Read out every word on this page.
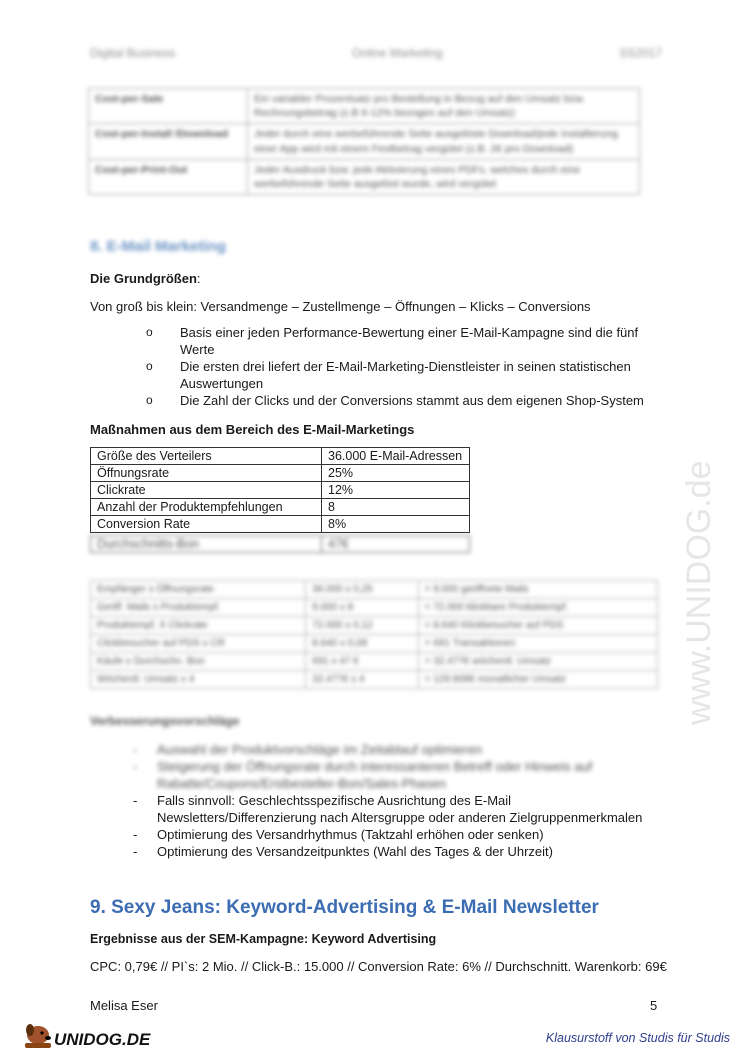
Digital Business	Online Marketing	SS2017
Cost-per-Sale	Ein variabler Prozentsatz pro Bestellung in Bezug auf den Umsatz bzw. Rechnungsbetrag (z.B 6-12% bezogen auf den Umsatz)
Cost-per-Install /Download	Jeder durch eine werbeführende Seite ausgelöste Download/jede Installierung einer App wird mit einem Festbetrag vergütet (z.B. 2€ pro Download)
Cost-per-Print-Out	Jeder Ausdruck bzw. jede Aktivierung eines PDFs, welches durch eine werbeführende Seite ausgelöst wurde, wird vergütet
8. E-Mail Marketing
Die Grundgrößen:
Von groß bis klein: Versandmenge – Zustellmenge – Öffnungen – Klicks – Conversions
o Basis einer jeden Performance-Bewertung einer E-Mail-Kampagne sind die fünf Werte
o Die ersten drei liefert der E-Mail-Marketing-Dienstleister in seinen statistischen Auswertungen
o Die Zahl der Clicks und der Conversions stammt aus dem eigenen Shop-System
Maßnahmen aus dem Bereich des E-Mail-Marketings
Größe des Verteilers	36.000 E-Mail-Adressen
Öffnungsrate	25%
Clickrate	12%
Anzahl der Produktempfehlungen	8
Conversion Rate	8%
Durchschnitts-Bon	47€
Empfänger x Öffnungsrate	36.000 x 0,25	= 9.000 geöffnete Mails
Geöff. Mails x Produktempf.	9.000 x 8	= 72.000 klickbare Produktempf.
Produktempf. X Clickrate	72.000 x 0,12	= 8.640 Klickbesucher auf PDS
Clickbesucher auf PDS x CR	8.640 x 0,08	= 691 Transaktionen
Käufe x Durchschn. Bon	691 x 47 €	= 32.477€ wöchentl. Umsatz
Wöchentl. Umsatz x 4	32.477€ x 4	= 129.908€ monatlicher Umsatz
Verbesserungsvorschläge
- Auswahl der Produktvorschläge im Zeitablauf optimieren
- Steigerung der Öffnungsrate durch interessanteren Betreff oder Hinweis auf Rabatte/Coupons/Erstbesteller-Bon/Sales-Phasen
- Falls sinnvoll: Geschlechtsspezifische Ausrichtung des E-Mail Newsletters/Differenzierung nach Altersgruppe oder anderen Zielgruppenmerkmalen
- Optimierung des Versandrhythmus (Taktzahl erhöhen oder senken)
- Optimierung des Versandzeitpunktes (Wahl des Tages & der Uhrzeit)
9. Sexy Jeans: Keyword-Advertising & E-Mail Newsletter
Ergebnisse aus der SEM-Kampagne: Keyword Advertising
CPC: 0,79€ // PI`s: 2 Mio. // Click-B.: 15.000 // Conversion Rate: 6% // Durchschnitt. Warenkorb: 69€
www.UNIDOG.de
Melisa Eser	5
UNIDOG.DE	Klausurstoff von Studis für Studis
